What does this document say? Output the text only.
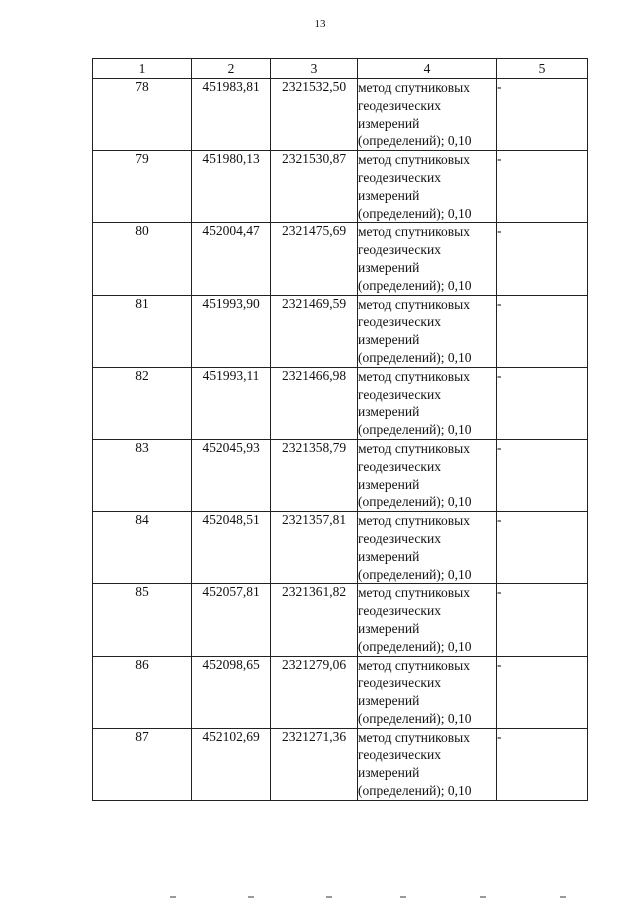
13
1	2	3	4	5
78	451983,81	2321532,50	метод спутниковых
геодезических
измерений
(определений); 0,10	-
79	451980,13	2321530,87	метод спутниковых
геодезических
измерений
(определений); 0,10	-
80	452004,47	2321475,69	метод спутниковых
геодезических
измерений
(определений); 0,10	-
81	451993,90	2321469,59	метод спутниковых
геодезических
измерений
(определений); 0,10	-
82	451993,11	2321466,98	метод спутниковых
геодезических
измерений
(определений); 0,10	-
83	452045,93	2321358,79	метод спутниковых
геодезических
измерений
(определений); 0,10	-
84	452048,51	2321357,81	метод спутниковых
геодезических
измерений
(определений); 0,10	-
85	452057,81	2321361,82	метод спутниковых
геодезических
измерений
(определений); 0,10	-
86	452098,65	2321279,06	метод спутниковых
геодезических
измерений
(определений); 0,10	-
87	452102,69	2321271,36	метод спутниковых
геодезических
измерений
(определений); 0,10	-
